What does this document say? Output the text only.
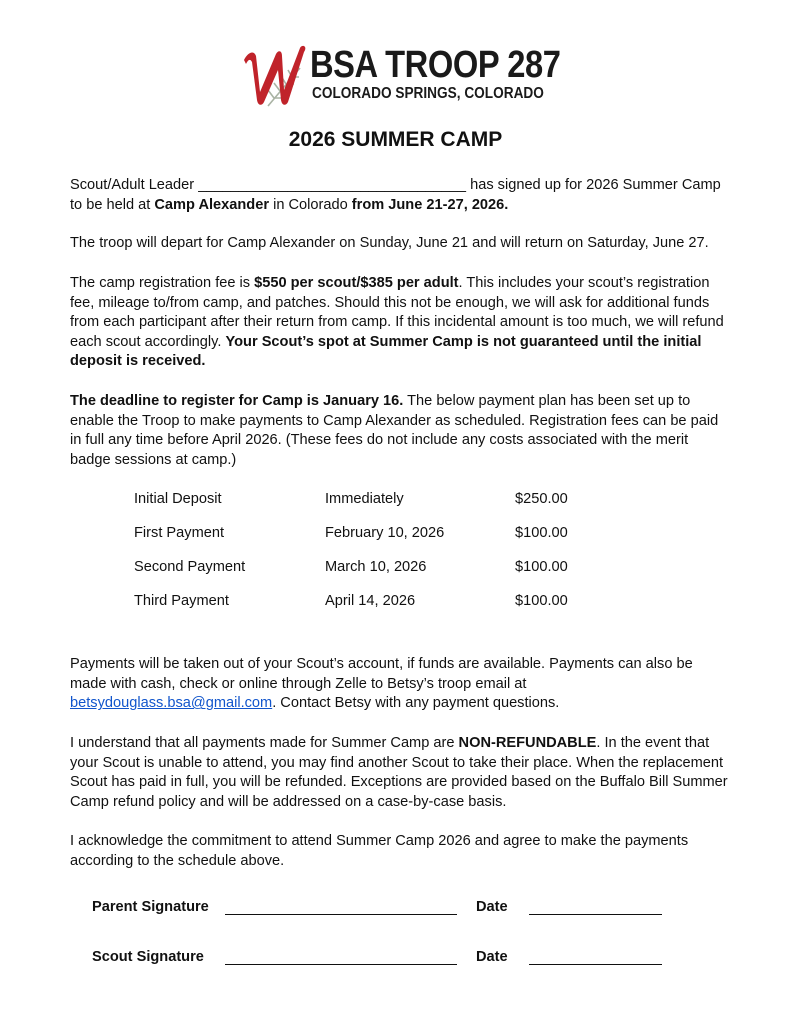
BSA TROOP 287
COLORADO SPRINGS, COLORADO
2026 SUMMER CAMP
Scout/Adult Leader _________________________________ has signed up for 2026 Summer Camp to be held at Camp Alexander in Colorado from June 21-27, 2026.
The troop will depart for Camp Alexander on Sunday, June 21 and will return on Saturday, June 27.
The camp registration fee is $550 per scout/$385 per adult. This includes your scout’s registration fee, mileage to/from camp, and patches. Should this not be enough, we will ask for additional funds from each participant after their return from camp. If this incidental amount is too much, we will refund each scout accordingly. Your Scout’s spot at Summer Camp is not guaranteed until the initial deposit is received.
The deadline to register for Camp is January 16. The below payment plan has been set up to enable the Troop to make payments to Camp Alexander as scheduled. Registration fees can be paid in full any time before April 2026. (These fees do not include any costs associated with the merit badge sessions at camp.)
Initial Deposit	Immediately	$250.00
First Payment	February 10, 2026	$100.00
Second Payment	March 10, 2026	$100.00
Third Payment	April 14, 2026	$100.00
Payments will be taken out of your Scout’s account, if funds are available. Payments can also be made with cash, check or online through Zelle to Betsy’s troop email at betsydouglass.bsa@gmail.com. Contact Betsy with any payment questions.
I understand that all payments made for Summer Camp are NON-REFUNDABLE. In the event that your Scout is unable to attend, you may find another Scout to take their place. When the replacement Scout has paid in full, you will be refunded. Exceptions are provided based on the Buffalo Bill Summer Camp refund policy and will be addressed on a case-by-case basis.
I acknowledge the commitment to attend Summer Camp 2026 and agree to make the payments according to the schedule above.
Parent Signature	Date
Scout Signature	Date
